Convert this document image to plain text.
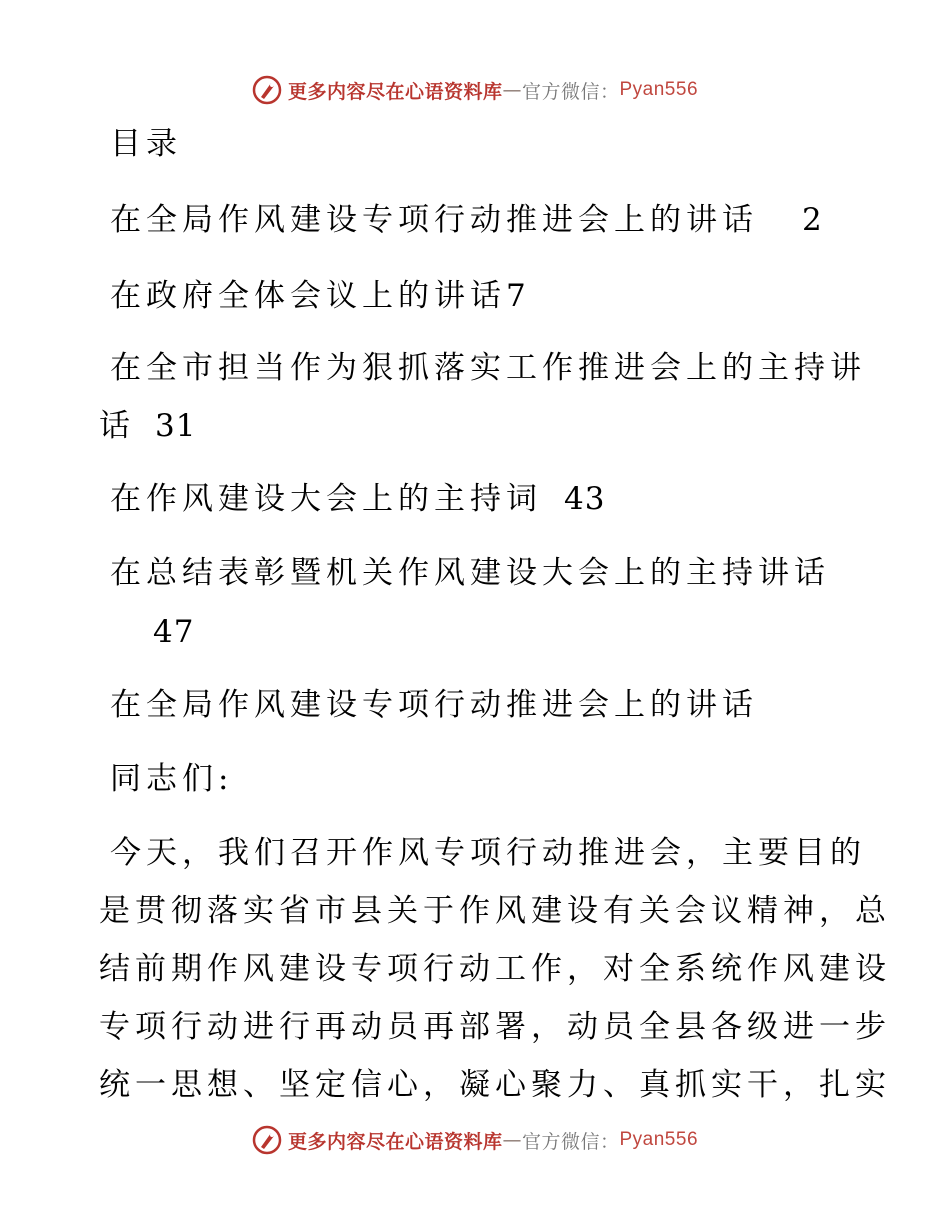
更多内容尽在心语资料库 — 官方微信： Pyan556
目录
在全局作风建设专项行动推进会上的讲话 2
在政府全体会议上的讲话7
在全市担当作为狠抓落实工作推进会上的主持讲
话 31
在作风建设大会上的主持词 43
在总结表彰暨机关作风建设大会上的主持讲话
47
在全局作风建设专项行动推进会上的讲话
同志们:
今天，我们召开作风专项行动推进会，主要目的
是贯彻落实省市县关于作风建设有关会议精神，总
结前期作风建设专项行动工作，对全系统作风建设
专项行动进行再动员再部署，动员全县各级进一步
统一思想、坚定信心，凝心聚力、真抓实干，扎实
更多内容尽在心语资料库 — 官方微信： Pyan556
